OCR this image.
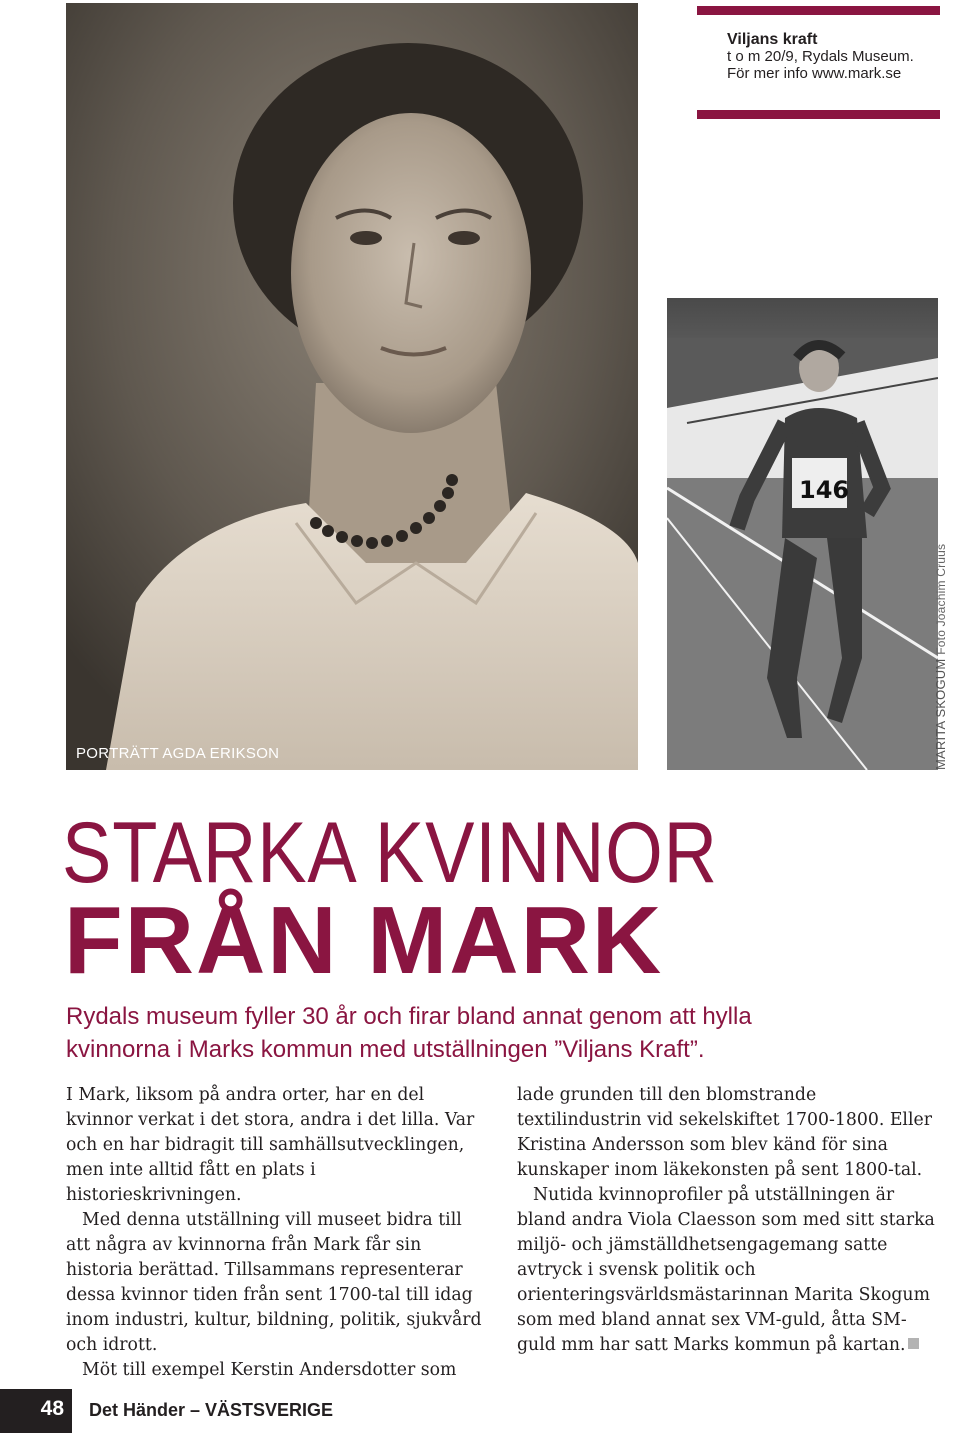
PORTRÄTT AGDA ERIKSON
Viljans kraft
t o m 20/9, Rydals Museum.
För mer info www.mark.se
146
MARITA SKOGUM Foto Joachim Cruus
STARKA KVINNOR
FRÅN MARK
Rydals museum fyller 30 år och firar bland annat genom att hylla kvinnorna i Marks kommun med utställningen ”Viljans Kraft”.

I Mark, liksom på andra orter, har en del kvinnor verkat i det stora, andra i det lilla. Var och en har bidragit till samhällsutvecklingen, men inte alltid fått en plats i historieskrivningen.

Med denna utställning vill museet bidra till att några av kvinnorna från Mark får sin historia berättad. Tillsammans representerar dessa kvinnor tiden från sent 1700-tal till idag inom industri, kultur, bildning, politik, sjukvård och idrott.

Möt till exempel Kerstin Andersdotter som

lade grunden till den blomstrande textilindustrin vid sekelskiftet 1700-1800. Eller Kristina Andersson som blev känd för sina kunskaper inom läkekonsten på sent 1800-tal.

Nutida kvinnoprofiler på utställningen är bland andra Viola Claesson som med sitt starka miljö- och jämställdhetsengagemang satte avtryck i svensk politik och orienteringsvärldsmästarinnan Marita Skogum som med bland annat sex VM-guld, åtta SM-guld mm har satt Marks kommun på kartan.

48	Det Händer – VÄSTSVERIGE
